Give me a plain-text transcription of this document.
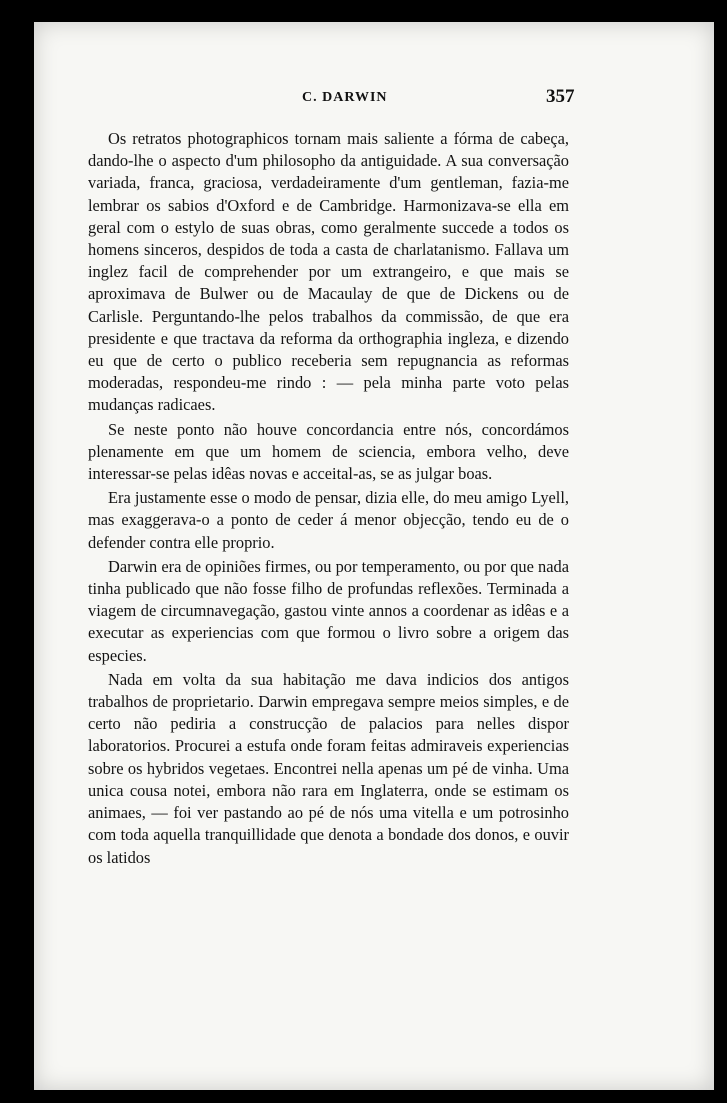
C. DARWIN	357

Os retratos photographicos tornam mais saliente a fórma de cabeça, dando-lhe o aspecto d'um philosopho da antiguidade. A sua conversação variada, franca, graciosa, verdadeiramente d'um gentleman, fazia-me lembrar os sabios d'Oxford e de Cambridge. Harmonizava-se ella em geral com o estylo de suas obras, como geralmente succede a todos os homens sinceros, despidos de toda a casta de charlatanismo. Fallava um inglez facil de comprehender por um extrangeiro, e que mais se aproximava de Bulwer ou de Macaulay de que de Dickens ou de Carlisle. Perguntando-lhe pelos trabalhos da commissão, de que era presidente e que tractava da reforma da orthographia ingleza, e dizendo eu que de certo o publico receberia sem repugnancia as reformas moderadas, respondeu-me rindo : — pela minha parte voto pelas mudanças radicaes.

Se neste ponto não houve concordancia entre nós, concordámos plenamente em que um homem de sciencia, embora velho, deve interessar-se pelas idêas novas e acceital-as, se as julgar boas.

Era justamente esse o modo de pensar, dizia elle, do meu amigo Lyell, mas exaggerava-o a ponto de ceder á menor objecção, tendo eu de o defender contra elle proprio.

Darwin era de opiniões firmes, ou por temperamento, ou por que nada tinha publicado que não fosse filho de profundas reflexões. Terminada a viagem de circumnavegação, gastou vinte annos a coordenar as idêas e a executar as experiencias com que formou o livro sobre a origem das especies.

Nada em volta da sua habitação me dava indicios dos antigos trabalhos de proprietario. Darwin empregava sempre meios simples, e de certo não pediria a construcção de palacios para nelles dispor laboratorios. Procurei a estufa onde foram feitas admiraveis experiencias sobre os hybridos vegetaes. Encontrei nella apenas um pé de vinha. Uma unica cousa notei, embora não rara em Inglaterra, onde se estimam os animaes, — foi ver pastando ao pé de nós uma vitella e um potrosinho com toda aquella tranquillidade que denota a bondade dos donos, e ouvir os latidos
